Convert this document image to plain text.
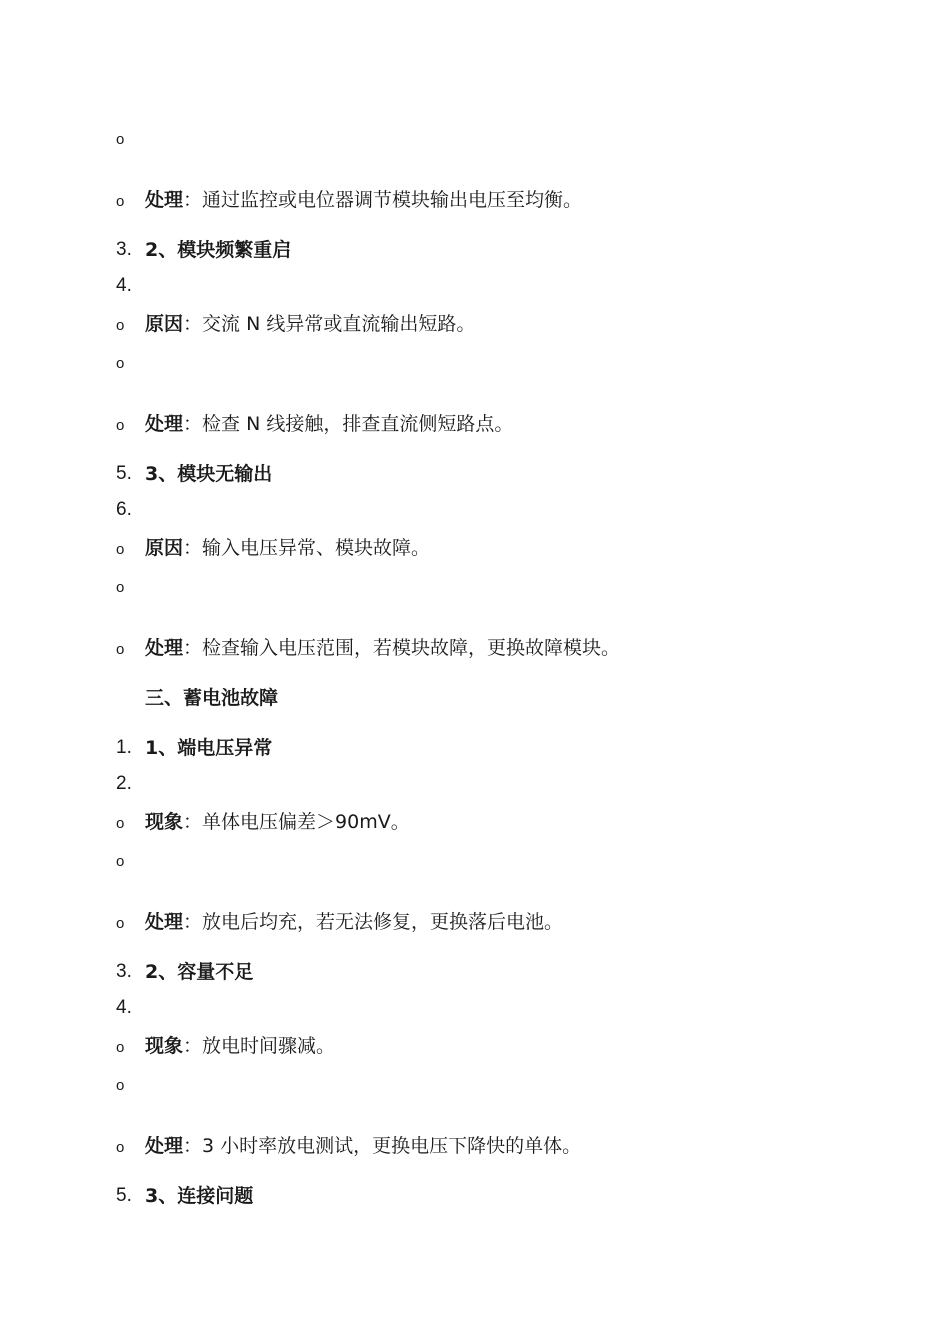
o
o 处理：通过监控或电位器调节模块输出电压至均衡。
3. 2、模块频繁重启
4.
o 原因：交流 N 线异常或直流输出短路。
o
o 处理：检查 N 线接触，排查直流侧短路点。
5. 3、模块无输出
6.
o 原因：输入电压异常、模块故障。
o
o 处理：检查输入电压范围，若模块故障，更换故障模块。
三、蓄电池故障
1. 1、端电压异常
2.
o 现象：单体电压偏差＞90mV。
o
o 处理：放电后均充，若无法修复，更换落后电池。
3. 2、容量不足
4.
o 现象：放电时间骤减。
o
o 处理：3 小时率放电测试，更换电压下降快的单体。
5. 3、连接问题
